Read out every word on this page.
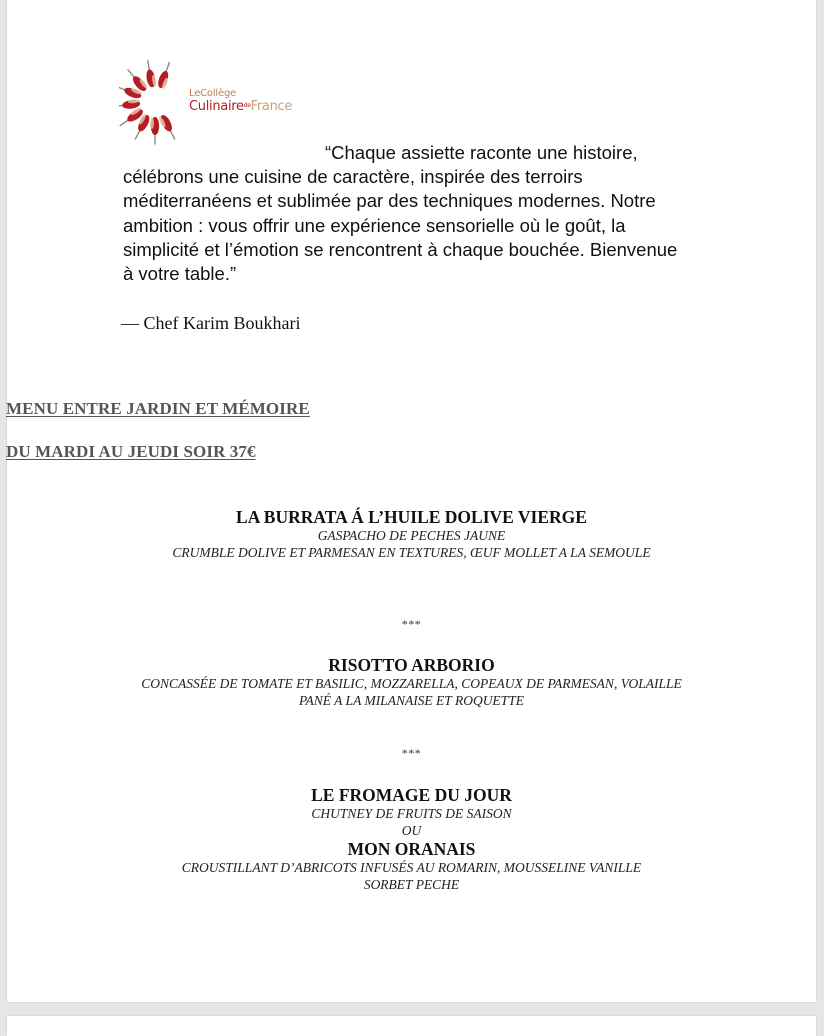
LeCollège
Culinaire$^{de}$France
“Chaque assiette raconte une histoire,
célébrons une cuisine de caractère, inspirée des terroirs
méditerranéens et sublimée par des techniques modernes. Notre
ambition : vous offrir une expérience sensorielle où le goût, la
simplicité et l’émotion se rencontrent à chaque bouchée. Bienvenue
à votre table.”
— Chef Karim Boukhari
MENU ENTRE JARDIN ET MÉMOIRE
DU MARDI AU JEUDI SOIR 37€
LA BURRATA Á L’HUILE DOLIVE VIERGE
GASPACHO DE PECHES JAUNE
CRUMBLE DOLIVE ET PARMESAN EN TEXTURES, ŒUF MOLLET A LA SEMOULE
***
RISOTTO ARBORIO
CONCASSÉE DE TOMATE ET BASILIC, MOZZARELLA, COPEAUX DE PARMESAN, VOLAILLE
PANÉ A LA MILANAISE ET ROQUETTE
***
LE FROMAGE DU JOUR
CHUTNEY DE FRUITS DE SAISON
OU
MON ORANAIS
CROUSTILLANT D’ABRICOTS INFUSÉS AU ROMARIN, MOUSSELINE VANILLE
SORBET PECHE
